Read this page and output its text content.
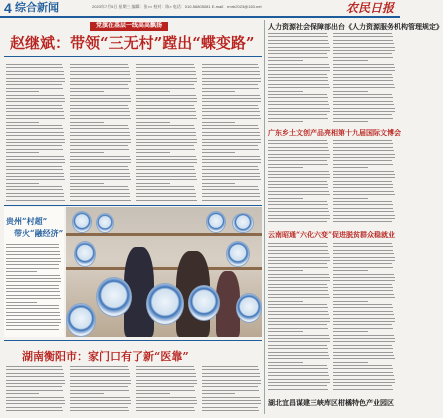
4 综合新闻	2023年7月5日 星期三 编辑：张×× 校对：陈× 电话：010-56805081 E-mail：rmrb2023@163.net	农民日报
党旗在基层一线高高飘扬
赵继斌：带领“三无村”蹚出“蝶变路”
贵州“村超”
带火“融经济”
湖南衡阳市：家门口有了新“医靠”
人力资源社会保障部出台《人力资源服务机构管理规定》
广东乡土文创产品亮相第十九届国际文博会
云南昭通“六化六变”促进脱贫群众稳就业
湖北宜昌谋建三峡库区柑橘特色产业园区
